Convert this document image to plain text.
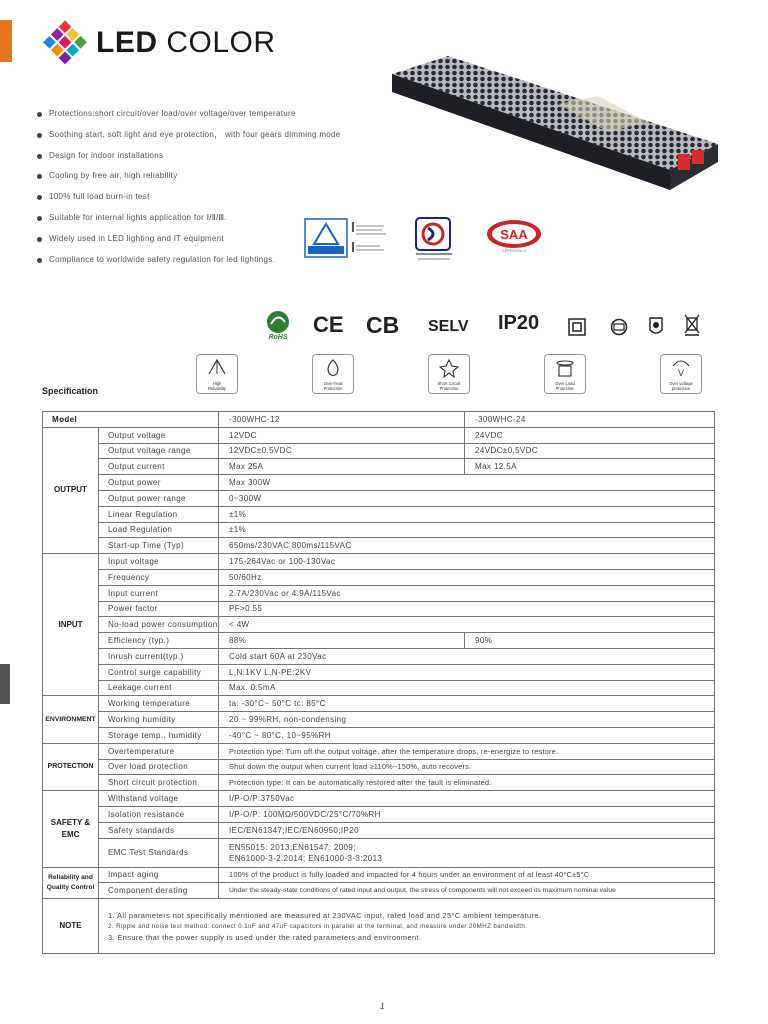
LED COLOR
Protections:short circuit/over load/over voltage/over temperature
Soothing start, soft light and eye protection， with four gears dimming mode
Design for indoor installations
Cooling by free air, high reliability
100% full load burn-in test
Suitable for internal lights application for Ⅰ/Ⅱ/Ⅲ.
Widely used in LED lighting and IT equipment
Compliance to worldwide safety regulation for led lightings.
SAA
APPROVALS
RoHS
CE CB SELV IP20
High
Reliability
Over-heat
Protection
Short Circuit
Protection
Over Load
Protection
V
Over voltage
protection
Specification
Model		-300WHC-12	-300WHC-24
OUTPUT	Output voltage	12VDC	24VDC
	Output voltage range	12VDC±0.5VDC	24VDC±0.5VDC
	Output current	Max 25A	Max 12.5A
	Output power	Max 300W	
	Output power range	0~300W	
	Linear Regulation	±1%	
	Load Regulation	±1%	
	Start-up Time (Typ)	650ms/230VAC 800ms/115VAC	
INPUT	Input voltage	175-264Vac or 100-130Vac	
	Frequency	50/60Hz	
	Input current	2.7A/230Vac or 4.9A/115Vac	
	Power factor	PF>0.55	
	No-load power consumption	< 4W	
	Efficiency (typ.)	88%	90%
	Inrush current(typ.)	Cold start 60A at 230Vac	
	Control surge capability	L,N:1KV L,N-PE:2KV	
	Leakage current	Max. 0.5mA	
ENVIRONMENT	Working temperature	ta: -30°C~ 50°C tc: 85°C	
	Working humidity	20 ~ 99%RH, non-condensing	
	Storage temp., humidity	-40°C ~ 80°C, 10~95%RH	
PROTECTION	Overtemperature	Protection type: Turn off the output voltage, after the temperature drops, re-energize to restore.	
	Over load protection	Shut down the output when current load ≥110%~150%, auto recovers.	
	Short circuit protection	Protection type: It can be automatically restored after the fault is eliminated.	
SAFETY &
EMC	Withstand voltage	I/P-O/P:3750Vac	
	Isolation resistance	I/P-O/P: 100MΩ/500VDC/25°C/70%RH	
	Safety standards	IEC/EN61347;IEC/EN60950;IP20	
	EMC Test Standards	EN55015: 2013;EN61547: 2009;
EN61000-3-2:2014; EN61000-3-3:2013	

Reliability and
Quality Control	Impact aging	100% of the product is fully loaded and impacted for 4 hours under an environment of at least 40°C±5°C	
	Component derating	Under the steady-state conditions of rated input and output, the stress of components will not exceed its maximum nominal value	
NOTE	1. All parameters not specifically mentioned are measured at 230VAC input, rated load and 25°C ambient temperature.
2. Ripple and noise test method: connect 0.1uF and 47uF capacitors in parallel at the terminal, and measure under 20MHZ bandwidth.
3. Ensure that the power supply is used under the rated parameters and environment.		
1
